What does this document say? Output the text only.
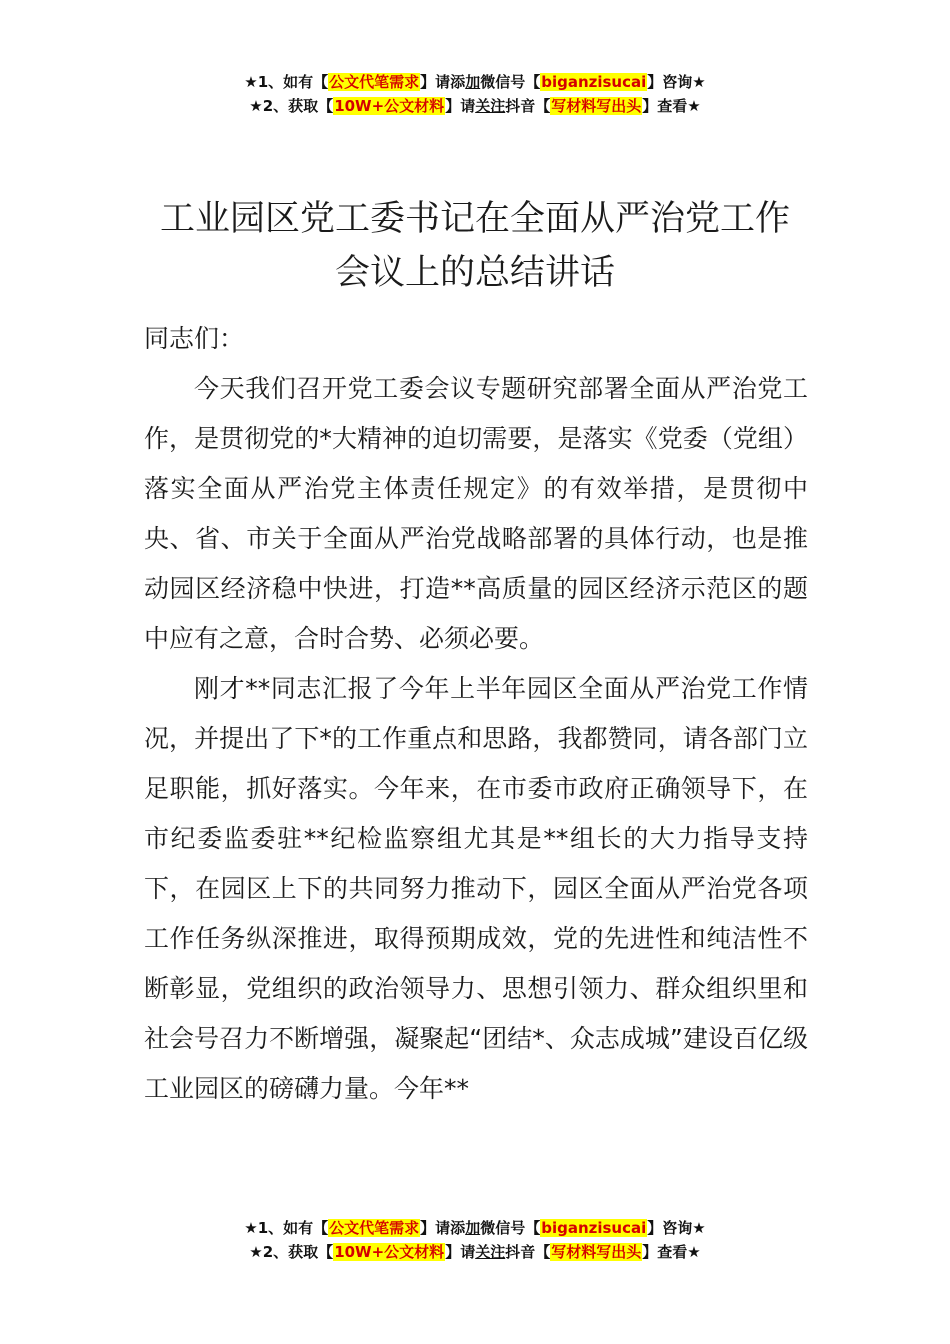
★1、如有【公文代笔需求】请添加微信号【biganzisucai】咨询★
★2、获取【10W+公文材料】请关注抖音【写材料写出头】查看★
工业园区党工委书记在全面从严治党工作
会议上的总结讲话

同志们：

今天我们召开党工委会议专题研究部署全面从严治党工作，是贯彻党的*大精神的迫切需要，是落实《党委（党组）落实全面从严治党主体责任规定》的有效举措，是贯彻中央、省、市关于全面从严治党战略部署的具体行动，也是推动园区经济稳中快进，打造**高质量的园区经济示范区的题中应有之意，合时合势、必须必要。

刚才**同志汇报了今年上半年园区全面从严治党工作情况，并提出了下*的工作重点和思路，我都赞同，请各部门立足职能，抓好落实。今年来，在市委市政府正确领导下，在市纪委监委驻**纪检监察组尤其是**组长的大力指导支持下，在园区上下的共同努力推动下，园区全面从严治党各项工作任务纵深推进，取得预期成效，党的先进性和纯洁性不断彰显，党组织的政治领导力、思想引领力、群众组织里和社会号召力不断增强，凝聚起“团结*、众志成城”建设百亿级工业园区的磅礴力量。今年**

★1、如有【公文代笔需求】请添加微信号【biganzisucai】咨询★
★2、获取【10W+公文材料】请关注抖音【写材料写出头】查看★
